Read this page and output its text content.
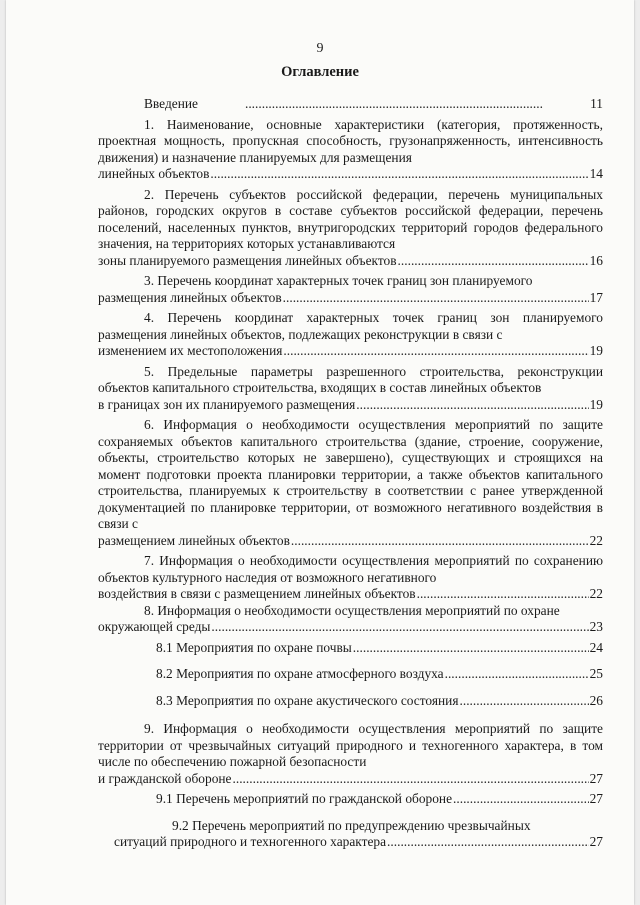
9
Оглавление
Введение .....	11
1. Наименование, основные характеристики (категория, протяженность, проектная мощность, пропускная способность, грузонапряженность, интенсивность движения) и назначение планируемых для размещения
линейных объектов .....	14
2. Перечень субъектов российской федерации, перечень муниципальных районов, городских округов в составе субъектов российской федерации, перечень поселений, населенных пунктов, внутригородских территорий городов федерального значения, на территориях которых устанавливаются
зоны планируемого размещения линейных объектов .....	16
3. Перечень координат характерных точек границ зон планируемого
размещения линейных объектов .....	17
4. Перечень координат характерных точек границ зон планируемого размещения линейных объектов, подлежащих реконструкции в связи с
изменением их местоположения .....	19
5. Предельные параметры разрешенного строительства, реконструкции объектов капитального строительства, входящих в состав линейных объектов
в границах зон их планируемого размещения .....	19
6. Информация о необходимости осуществления мероприятий по защите сохраняемых объектов капитального строительства (здание, строение, сооружение, объекты, строительство которых не завершено), существующих и строящихся на момент подготовки проекта планировки территории, а также объектов капитального строительства, планируемых к строительству в соответствии с ранее утвержденной документацией по планировке территории, от возможного негативного воздействия в связи с
размещением линейных объектов .....	22
7. Информация о необходимости осуществления мероприятий по сохранению объектов культурного наследия от возможного негативного
воздействия в связи с размещением линейных объектов .....	22
8. Информация о необходимости осуществления мероприятий по охране
окружающей среды .....	23
8.1 Мероприятия по охране почвы .....	24
8.2 Мероприятия по охране атмосферного воздуха .....	25
8.3 Мероприятия по охране акустического состояния .....	26
9. Информация о необходимости осуществления мероприятий по защите территории от чрезвычайных ситуаций природного и техногенного характера, в том числе по обеспечению пожарной безопасности
и гражданской обороне .....	27
9.1 Перечень мероприятий по гражданской обороне .....	27
9.2 Перечень мероприятий по предупреждению чрезвычайных
ситуаций природного и техногенного характера .....	27
